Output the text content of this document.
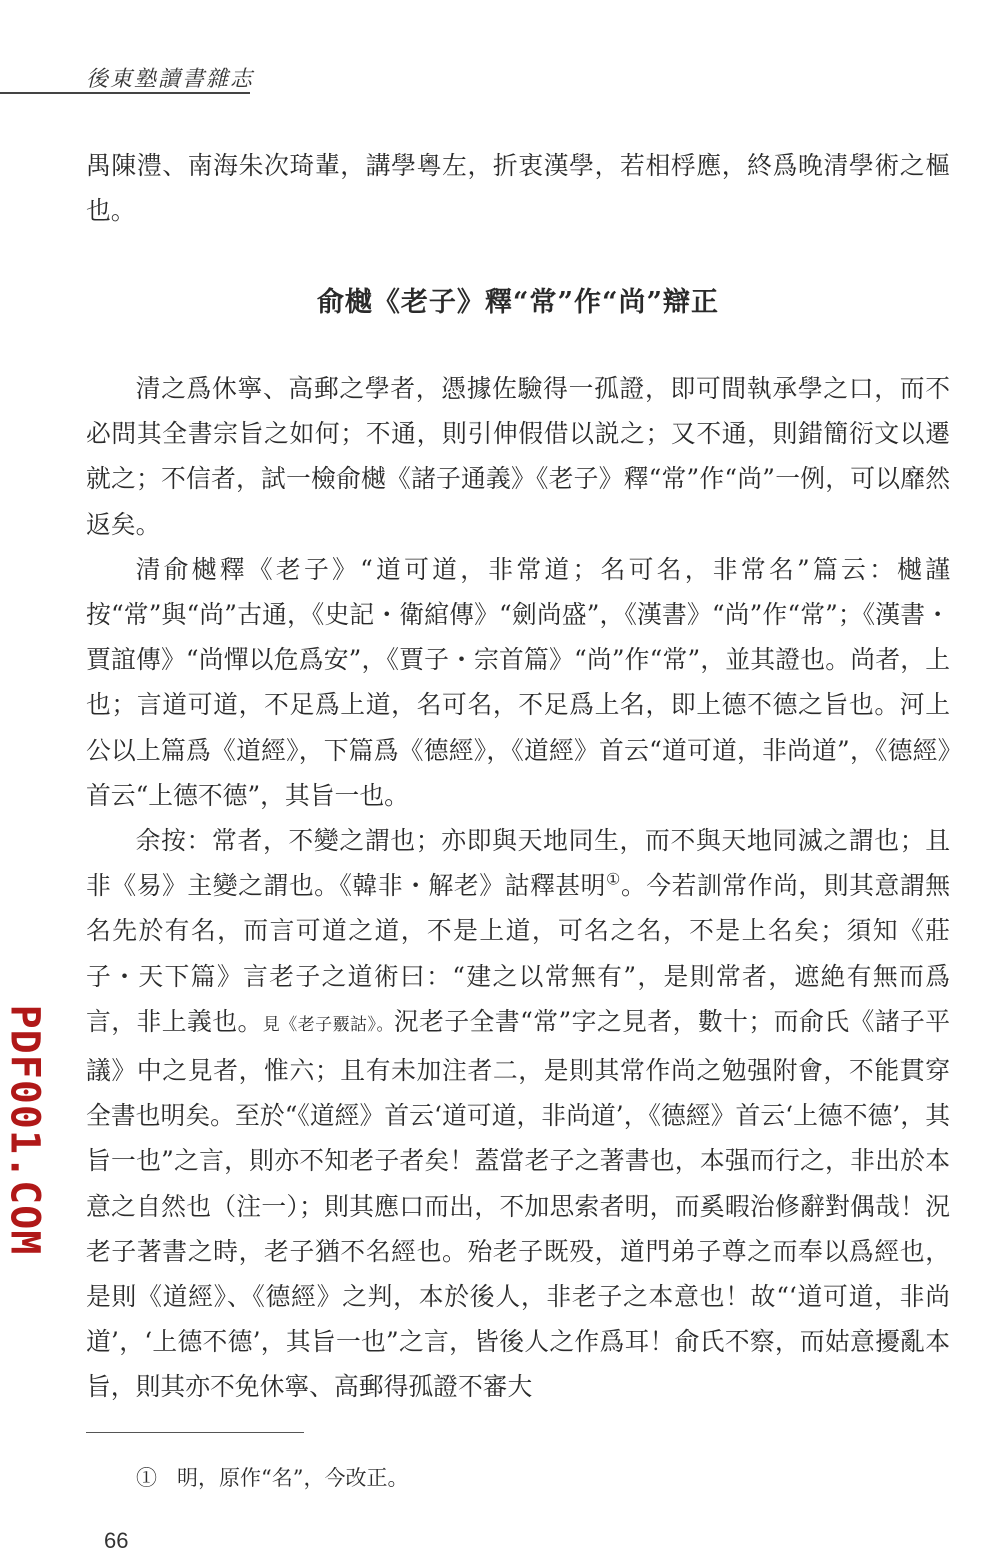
後東塾讀書雜志

禺陳澧、南海朱次琦輩，講學粵左，折衷漢學，若相桴應，終爲晚清學術之樞也。

俞樾《老子》釋“常”作“尚”辯正

清之爲休寧、高郵之學者，憑據佐驗得一孤證，即可間執承學之口，而不必問其全書宗旨之如何；不通，則引伸假借以説之；又不通，則錯簡衍文以遷就之；不信者，試一檢俞樾《諸子通義》《老子》釋“常”作“尚”一例，可以靡然返矣。

清俞樾釋《老子》“道可道，非常道；名可名，非常名”篇云：樾謹按“常”與“尚”古通，《史記・衛綰傳》“劍尚盛”，《漢書》“尚”作“常”；《漢書・賈誼傳》“尚憚以危爲安”，《賈子・宗首篇》“尚”作“常”，並其證也。尚者，上也；言道可道，不足爲上道，名可名，不足爲上名，即上德不德之旨也。河上公以上篇爲《道經》，下篇爲《德經》，《道經》首云“道可道，非尚道”，《德經》首云“上德不德”，其旨一也。

余按：常者，不變之謂也；亦即與天地同生，而不與天地同滅之謂也；且非《易》主變之謂也。《韓非・解老》詁釋甚明①。今若訓常作尚，則其意謂無名先於有名，而言可道之道，不是上道，可名之名，不是上名矣；須知《莊子・天下篇》言老子之道術曰：“建之以常無有”，是則常者，遮絶有無而爲言，非上義也。見《老子覈詁》。況老子全書“常”字之見者，數十；而俞氏《諸子平議》中之見者，惟六；且有未加注者二，是則其常作尚之勉强附會，不能貫穿全書也明矣。至於“《道經》首云‘道可道，非尚道’，《德經》首云‘上德不德’，其旨一也”之言，則亦不知老子者矣！蓋當老子之著書也，本强而行之，非出於本意之自然也（注一）；則其應口而出，不加思索者明，而奚暇治修辭對偶哉！況老子著書之時，老子猶不名經也。殆老子既殁，道門弟子尊之而奉以爲經也，是則《道經》、《德經》之判，本於後人，非老子之本意也！故“‘道可道，非尚道’，‘上德不德’，其旨一也”之言，皆後人之作爲耳！俞氏不察，而姑意擾亂本旨，則其亦不免休寧、高郵得孤證不審大

① 明，原作“名”，今改正。

66
PDF001.COM
